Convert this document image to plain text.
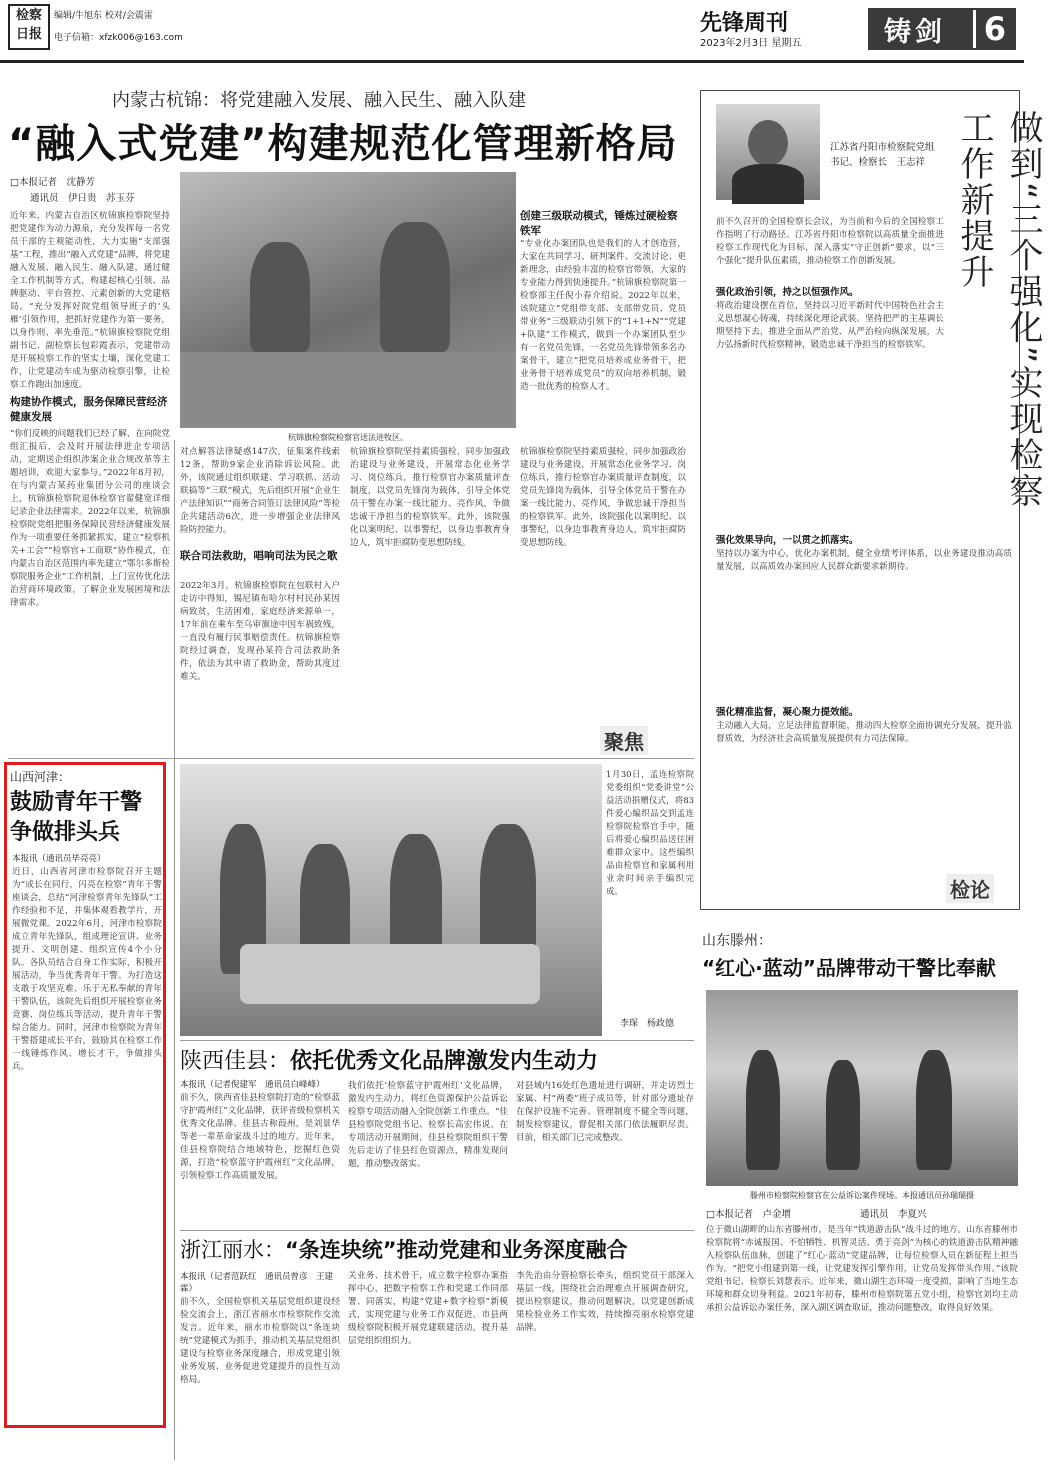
检察日报
编辑/牛旭东 校对/会震雷
电子信箱：xfzk006@163.com
先锋周刊
2023年2月3日 星期五	铸剑	6
内蒙古杭锦：将党建融入发展、融入民生、融入队建
“融入式党建”构建规范化管理新格局
□本报记者　沈静芳
通讯员　伊日贵　苏玉芬
近年来，内蒙古自治区杭锦旗检察院坚持把党建作为动力源泉，充分发挥每一名党员干部的主观能动性，大力实施“支部强基”工程，推出“融入式党建”品牌，将党建融入发展、融入民生、融入队建，通过健全工作机制等方式，构建起核心引领、品牌驱动、平台管控、元素创新的大党建格局。“充分发挥好院党组领导班子的‘头雁’引领作用，把抓好党建作为第一要务，以身作则、率先垂范。”杭锦旗检察院党组副书记、副检察长包彩霞表示，党建带动是开展检察工作的坚实土壤，深化党建工作，让党建动车成为驱动检察引擎，让检察工作跑出加速度。
构建协作模式，服务保障民营经济健康发展
“你们反映的问题我们已经了解，在向院党组汇报后，会及时开展法律进企专项活动，定期送企组织涉案企业合规改革等主题培训，欢迎大家参与。”2022年8月初，在与内蒙古某药业集团分公司的座谈会上，杭锦旗检察院退休检察官翟健宽详细记录企业法律需求。2022年以来，杭锦旗检察院党组把服务保障民营经济健康发展作为一项重要任务抓紧抓实，建立“检察机关+工会”“检察官+工商联”协作模式，在内蒙古自治区范围内率先建立“鄂尔多斯检察院服务企业”工作机制，上门宣传优化法治营商环境政策，了解企业发展困境和法律需求。
杭锦旗检察院检察官送法进牧区。
对点解答法律疑惑147次，征集案件线索12条，帮助9家企业消除诉讼风险。此外，该院通过组织联建、学习联抓、活动联搞等“三联”模式，先后组织开展“企业生产法律知识”“商务合同签订法律风险”等检企共建活动6次，进一步增强企业法律风险防控能力。
联合司法救助，唱响司法为民之歌
2022年3月，杭锦旗检察院在包联村入户走访中得知，锡尼镇布哈尔村村民孙某因病致贫，生活困难，家庭经济来源单一，17年前在乘车至乌审旗途中因车祸致残，一直没有履行民事赔偿责任。杭锦旗检察院经过调查，发现孙某符合司法救助条件，依法为其申请了救助金，帮助其度过难关。
杭锦旗检察院坚持素质强检，同步加强政治建设与业务建设，开展常态化业务学习、岗位练兵，推行检察官办案质量评查制度，以党员先锋岗为载体，引导全体党员干警在办案一线比能力、亮作风，争做忠诚干净担当的检察铁军。此外，该院强化以案明纪、以事警纪，以身边事教育身边人，筑牢拒腐防变思想防线。
创建三级联动模式，锤炼过硬检察铁军
“专业化办案团队也是我们的人才创造营，大家在共同学习、研判案件、交流讨论、更新理念，由经验丰富的检察官带领，大家的专业能力得到快速提升。”杭锦旗检察院第一检察部主任倪小春介绍说。2022年以来，该院建立“党组带支部、支部带党员、党员带业务”三级联动引领下的“1+1+N”“党建+队建”工作模式，做到一个办案团队至少有一名党员先锋，一名党员先锋带领多名办案骨干，建立“把党员培养成业务骨干，把业务骨干培养成党员”的双向培养机制，锻造一批优秀的检察人才。
杭锦旗检察院坚持素质强检，同步加强政治建设与业务建设，开展常态化业务学习、岗位练兵，推行检察官办案质量评查制度，以党员先锋岗为载体，引导全体党员干警在办案一线比能力、亮作风，争做忠诚干净担当的检察铁军。此外，该院强化以案明纪、以事警纪，以身边事教育身边人，筑牢拒腐防变思想防线。
聚焦
做到“三个强化”实现检察工作新提升
江苏省丹阳市检察院党组书记、检察长　王志祥
前不久召开的全国检察长会议，为当前和今后的全国检察工作指明了行动路径。江苏省丹阳市检察院以高质量全面推进检察工作现代化为目标，深入落实“守正创新”要求，以“三个强化”提升队伍素质，推动检察工作创新发展。
强化政治引领，持之以恒强作风。
将政治建设摆在首位，坚持以习近平新时代中国特色社会主义思想凝心铸魂，持续深化理论武装。坚持把严的主基调长期坚持下去，推进全面从严治党、从严治检向纵深发展，大力弘扬新时代检察精神，锻造忠诚干净担当的检察铁军。
强化效果导向，一以贯之抓落实。
坚持以办案为中心，优化办案机制，健全业绩考评体系，以业务建设推动高质量发展，以高质效办案回应人民群众新要求新期待。
强化精准监督，凝心聚力提效能。
主动融入大局，立足法律监督职能，推动四大检察全面协调充分发展，提升监督质效，为经济社会高质量发展提供有力司法保障。
检论
山西河津：
鼓励青年干警争做排头兵
本报讯（通讯员毕亮亮）
近日，山西省河津市检察院召开主题为“成长在同行，闪亮在检察”青年干警座谈会，总结“河津检察青年先锋队”工作经验和不足，并集体观看教学片，开展微党课。2022年6月，河津市检察院成立青年先锋队，组成理论宣讲、业务提升、文明创建、组织宣传4个小分队。各队员结合自身工作实际，积极开展活动，争当优秀青年干警。为打造这支敢于攻坚克难、乐于无私奉献的青年干警队伍，该院先后组织开展检察业务竞赛、岗位练兵等活动，提升青年干警综合能力。同时，河津市检察院为青年干警搭建成长平台，鼓励其在检察工作一线锤炼作风、增长才干，争做排头兵。
1月30日，孟连检察院党委组织“党委讲堂”公益活动捐赠仪式，将83件爱心编织品交到孟连检察院检察官手中，随后将爱心编织品送往困难群众家中。这些编织品由检察官和家属利用业余时间亲手编织完成。
李琛　杨政德
陕西佳县：依托优秀文化品牌激发内生动力
本报讯（记者倪建军　通讯员白峰峰）
前不久，陕西省佳县检察院打造的“检察蓝守护霞州红”文化品牌，获评省级检察机关优秀文化品牌。佳县古称葭州，是刘景华等老一辈革命家战斗过的地方。近年来，佳县检察院结合地域特色，挖掘红色资源，打造“检察蓝守护霞州红”文化品牌，引领检察工作高质量发展。
我们依托‘检察蓝守护霞州红’文化品牌，激发内生动力，将红色资源保护公益诉讼检察专项活动融入全院创新工作重点。“佳县检察院党组书记、检察长高宏伟说。在专项活动开展期间，佳县检察院组织干警先后走访了佳县红色资源点，精准发现问题，推动整改落实。
对县域内16处红色遗址进行调研，并走访烈士家属、村“两委”班子成员等，针对部分遗址存在保护设施不完善、管理制度不健全等问题，制发检察建议，督促相关部门依法履职尽责。目前，相关部门已完成整改。
浙江丽水：“条连块统”推动党建和业务深度融合
本报讯（记者范跃红　通讯员曾彦　王建霖）
前不久，全国检察机关基层党组织建设经验交流会上，浙江省丽水市检察院作交流发言。近年来，丽水市检察院以“条连块统”党建模式为抓手，推动机关基层党组织建设与检察业务深度融合，形成党建引领业务发展、业务促进党建提升的良性互动格局。
关业务、技术骨干，成立数字检察办案指挥中心，把数字检察工作和党建工作同部署、同落实，构建“党建+数字检察”新模式，实现党建与业务工作双促进。市县两级检察院积极开展党建联建活动，提升基层党组织组织力。
李先治由分管检察长牵头，组织党员干部深入基层一线，围绕社会治理难点开展调查研究，提出检察建议，推动问题解决，以党建创新成果检验业务工作实效，持续擦亮丽水检察党建品牌。
山东滕州：
“红心·蓝动”品牌带动干警比奉献
滕州市检察院检察官在公益诉讼案件现场。本报通讯员孙瑞瑞摄
□本报记者　卢金增	通讯员　李夏兴
位于微山湖畔的山东省滕州市，是当年“铁道游击队”战斗过的地方。山东省滕州市检察院将“赤诚报国、不怕牺牲、机智灵活、勇于亮剑”为核心的铁道游击队精神融入检察队伍血脉，创建了“红心·蓝动”党建品牌，让每位检察人员在新征程上担当作为。“把党小组建到第一线，让党建发挥引擎作用，让党员发挥带头作用。”该院党组书记、检察长刘慧表示。近年来，微山湖生态环境一度受损，影响了当地生态环境和群众切身利益。2021年初春，滕州市检察院第五党小组，检察官刘均主动承担公益诉讼办案任务，深入湖区调查取证，推动问题整改，取得良好效果。
